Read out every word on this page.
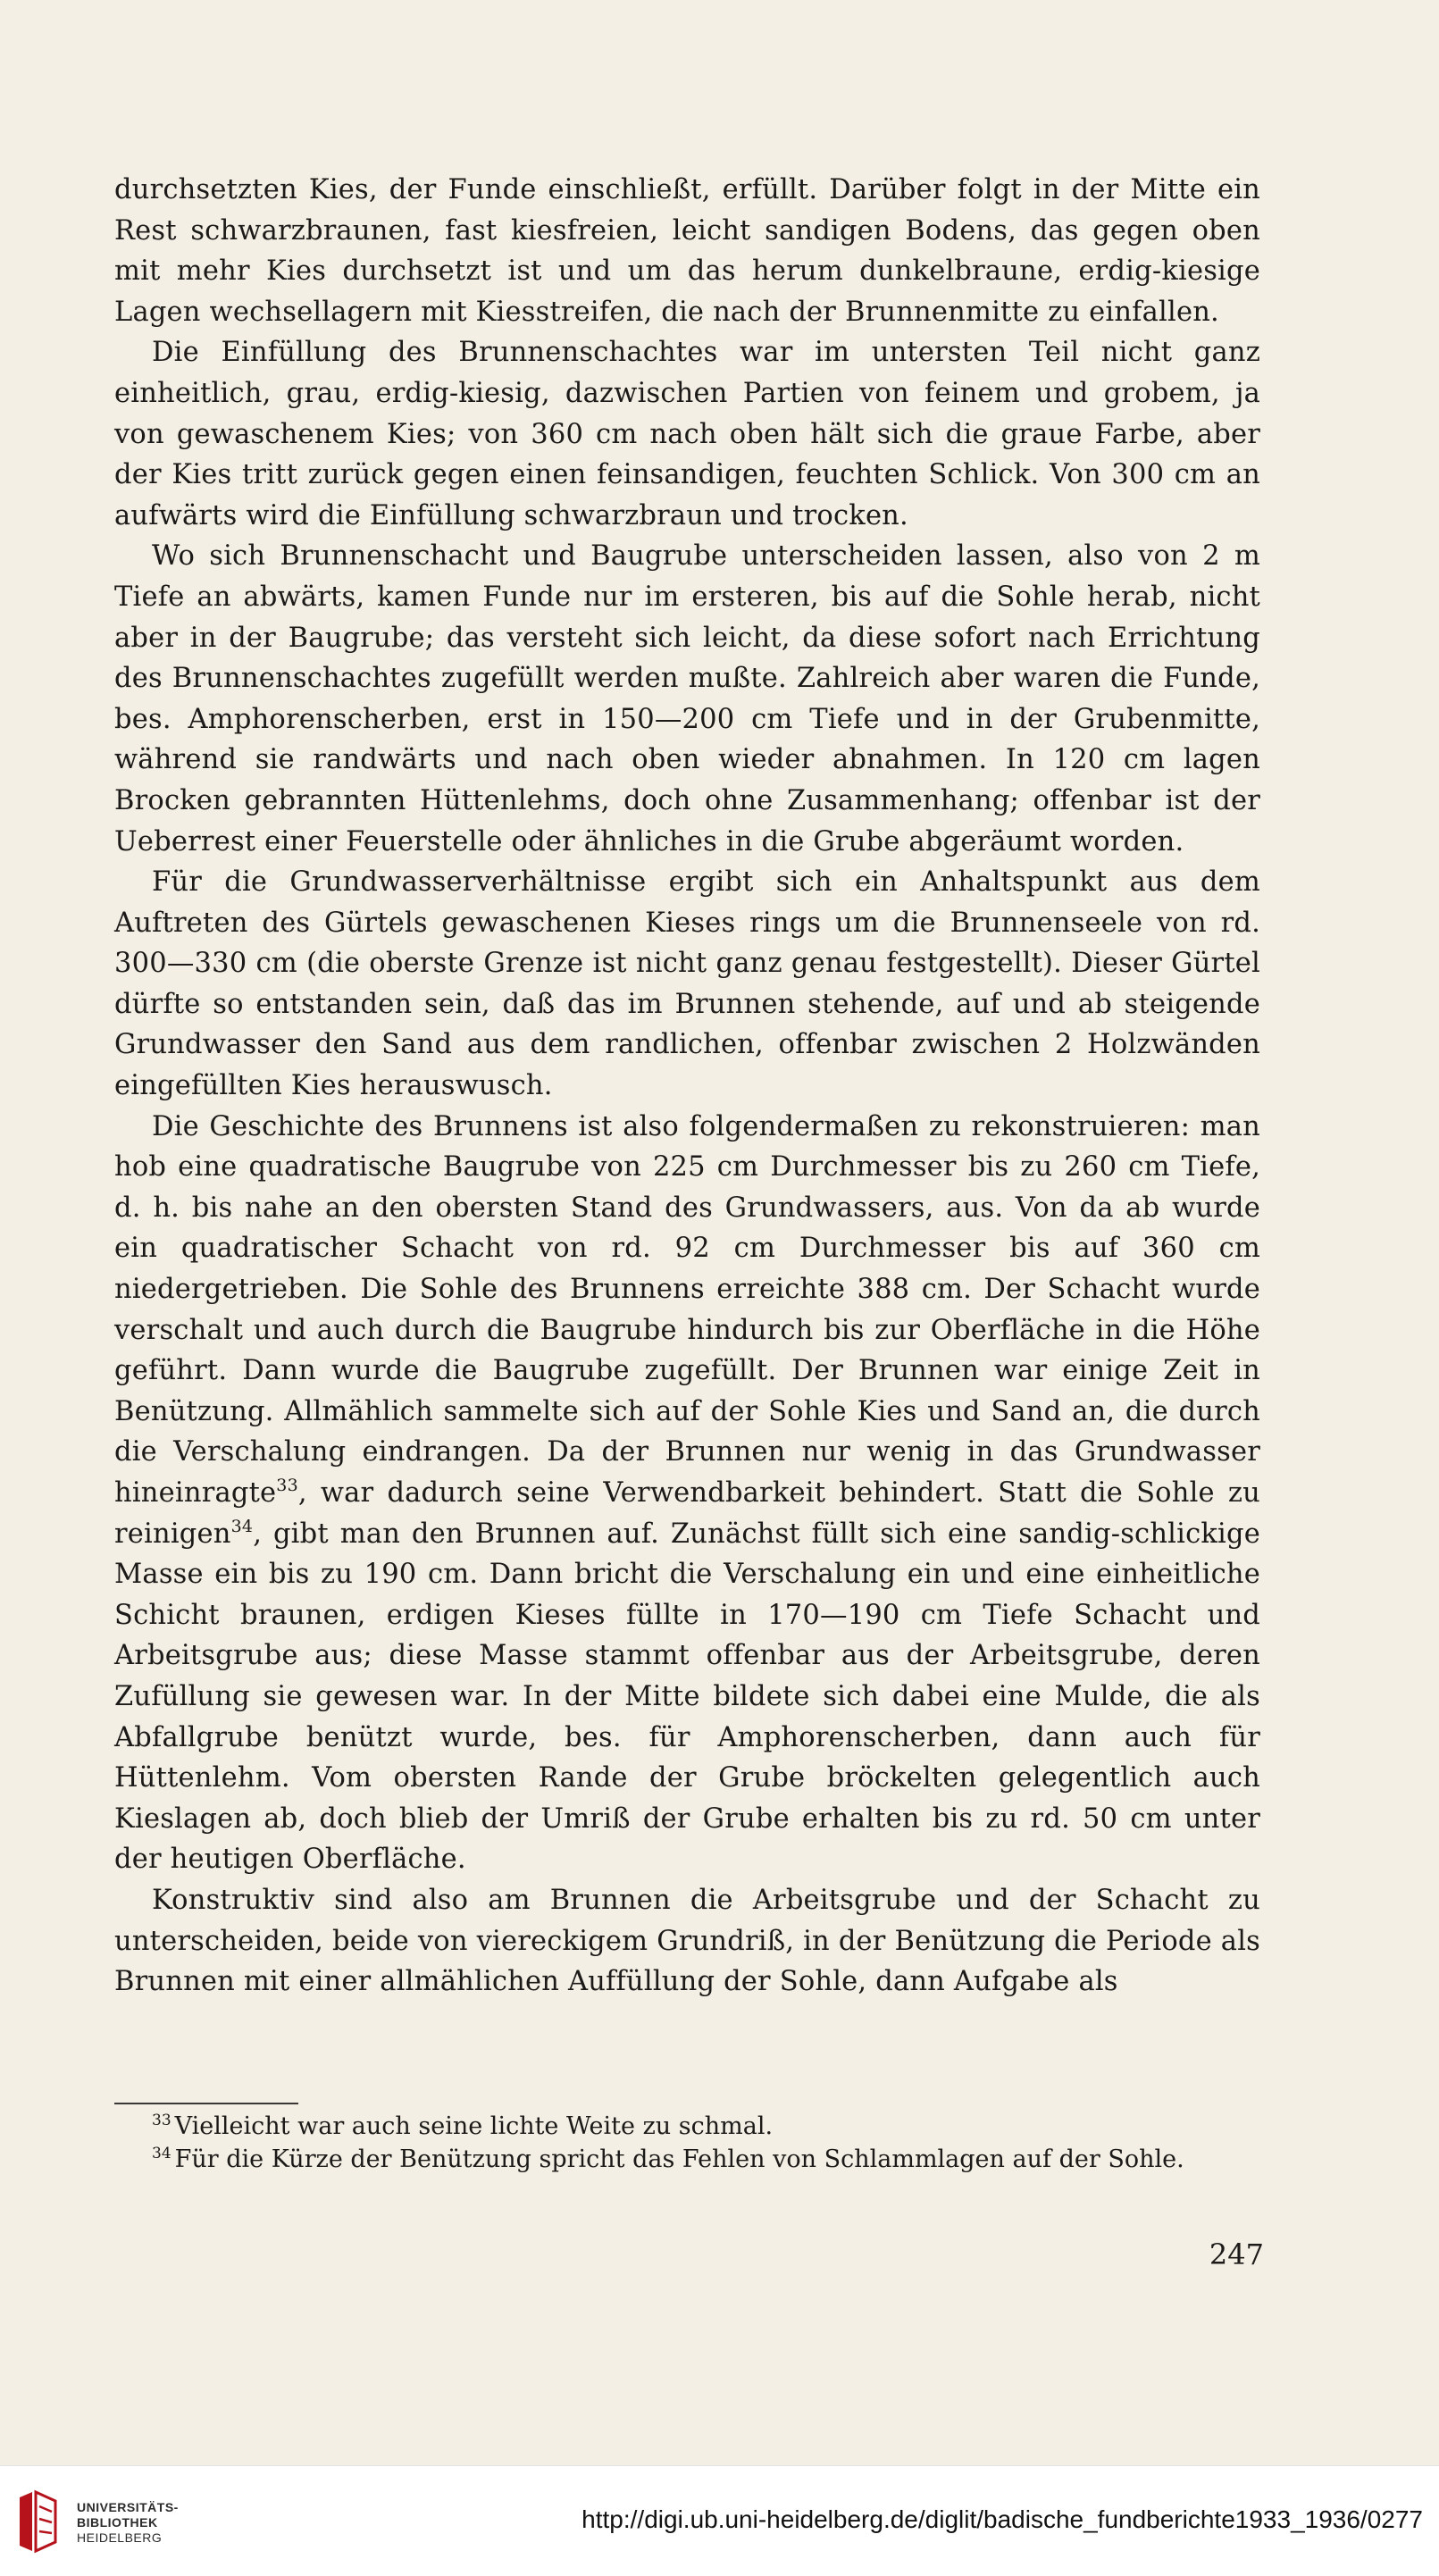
durchsetzten Kies, der Funde einschließt, erfüllt. Darüber folgt in der Mitte ein Rest schwarzbraunen, fast kiesfreien, leicht sandigen Bodens, das gegen oben mit mehr Kies durchsetzt ist und um das herum dunkelbraune, erdig-kiesige Lagen wechsellagern mit Kiesstreifen, die nach der Brunnenmitte zu einfallen.

Die Einfüllung des Brunnenschachtes war im untersten Teil nicht ganz einheitlich, grau, erdig-kiesig, dazwischen Partien von feinem und grobem, ja von gewaschenem Kies; von 360 cm nach oben hält sich die graue Farbe, aber der Kies tritt zurück gegen einen feinsandigen, feuchten Schlick. Von 300 cm an aufwärts wird die Einfüllung schwarzbraun und trocken.

Wo sich Brunnenschacht und Baugrube unterscheiden lassen, also von 2 m Tiefe an abwärts, kamen Funde nur im ersteren, bis auf die Sohle herab, nicht aber in der Baugrube; das versteht sich leicht, da diese sofort nach Errichtung des Brunnenschachtes zugefüllt werden mußte. Zahlreich aber waren die Funde, bes. Amphorenscherben, erst in 150—200 cm Tiefe und in der Grubenmitte, während sie randwärts und nach oben wieder abnahmen. In 120 cm lagen Brocken gebrannten Hüttenlehms, doch ohne Zusammenhang; offenbar ist der Ueberrest einer Feuerstelle oder ähnliches in die Grube abgeräumt worden.

Für die Grundwasserverhältnisse ergibt sich ein Anhaltspunkt aus dem Auftreten des Gürtels gewaschenen Kieses rings um die Brunnenseele von rd. 300—330 cm (die oberste Grenze ist nicht ganz genau festgestellt). Dieser Gürtel dürfte so entstanden sein, daß das im Brunnen stehende, auf und ab steigende Grundwasser den Sand aus dem randlichen, offenbar zwischen 2 Holzwänden eingefüllten Kies herauswusch.

Die Geschichte des Brunnens ist also folgendermaßen zu rekonstruieren: man hob eine quadratische Baugrube von 225 cm Durchmesser bis zu 260 cm Tiefe, d. h. bis nahe an den obersten Stand des Grundwassers, aus. Von da ab wurde ein quadratischer Schacht von rd. 92 cm Durchmesser bis auf 360 cm niedergetrieben. Die Sohle des Brunnens erreichte 388 cm. Der Schacht wurde verschalt und auch durch die Baugrube hindurch bis zur Oberfläche in die Höhe geführt. Dann wurde die Baugrube zugefüllt. Der Brunnen war einige Zeit in Benützung. Allmählich sammelte sich auf der Sohle Kies und Sand an, die durch die Verschalung eindrangen. Da der Brunnen nur wenig in das Grundwasser hineinragte$^{33}$, war dadurch seine Verwendbarkeit behindert. Statt die Sohle zu reinigen$^{34}$, gibt man den Brunnen auf. Zunächst füllt sich eine sandig-schlickige Masse ein bis zu 190 cm. Dann bricht die Verschalung ein und eine einheitliche Schicht braunen, erdigen Kieses füllte in 170—190 cm Tiefe Schacht und Arbeitsgrube aus; diese Masse stammt offenbar aus der Arbeitsgrube, deren Zufüllung sie gewesen war. In der Mitte bildete sich dabei eine Mulde, die als Abfallgrube benützt wurde, bes. für Amphorenscherben, dann auch für Hüttenlehm. Vom obersten Rande der Grube bröckelten gelegentlich auch Kieslagen ab, doch blieb der Umriß der Grube erhalten bis zu rd. 50 cm unter der heutigen Oberfläche.

Konstruktiv sind also am Brunnen die Arbeitsgrube und der Schacht zu unterscheiden, beide von viereckigem Grundriß, in der Benützung die Periode als Brunnen mit einer allmählichen Auffüllung der Sohle, dann Aufgabe als

$^{33}$ Vielleicht war auch seine lichte Weite zu schmal.

$^{34}$ Für die Kürze der Benützung spricht das Fehlen von Schlammlagen auf der Sohle.

247
UNIVERSITÄTS-
BIBLIOTHEK
HEIDELBERG
http://digi.ub.uni-heidelberg.de/diglit/badische_fundberichte1933_1936/0277
